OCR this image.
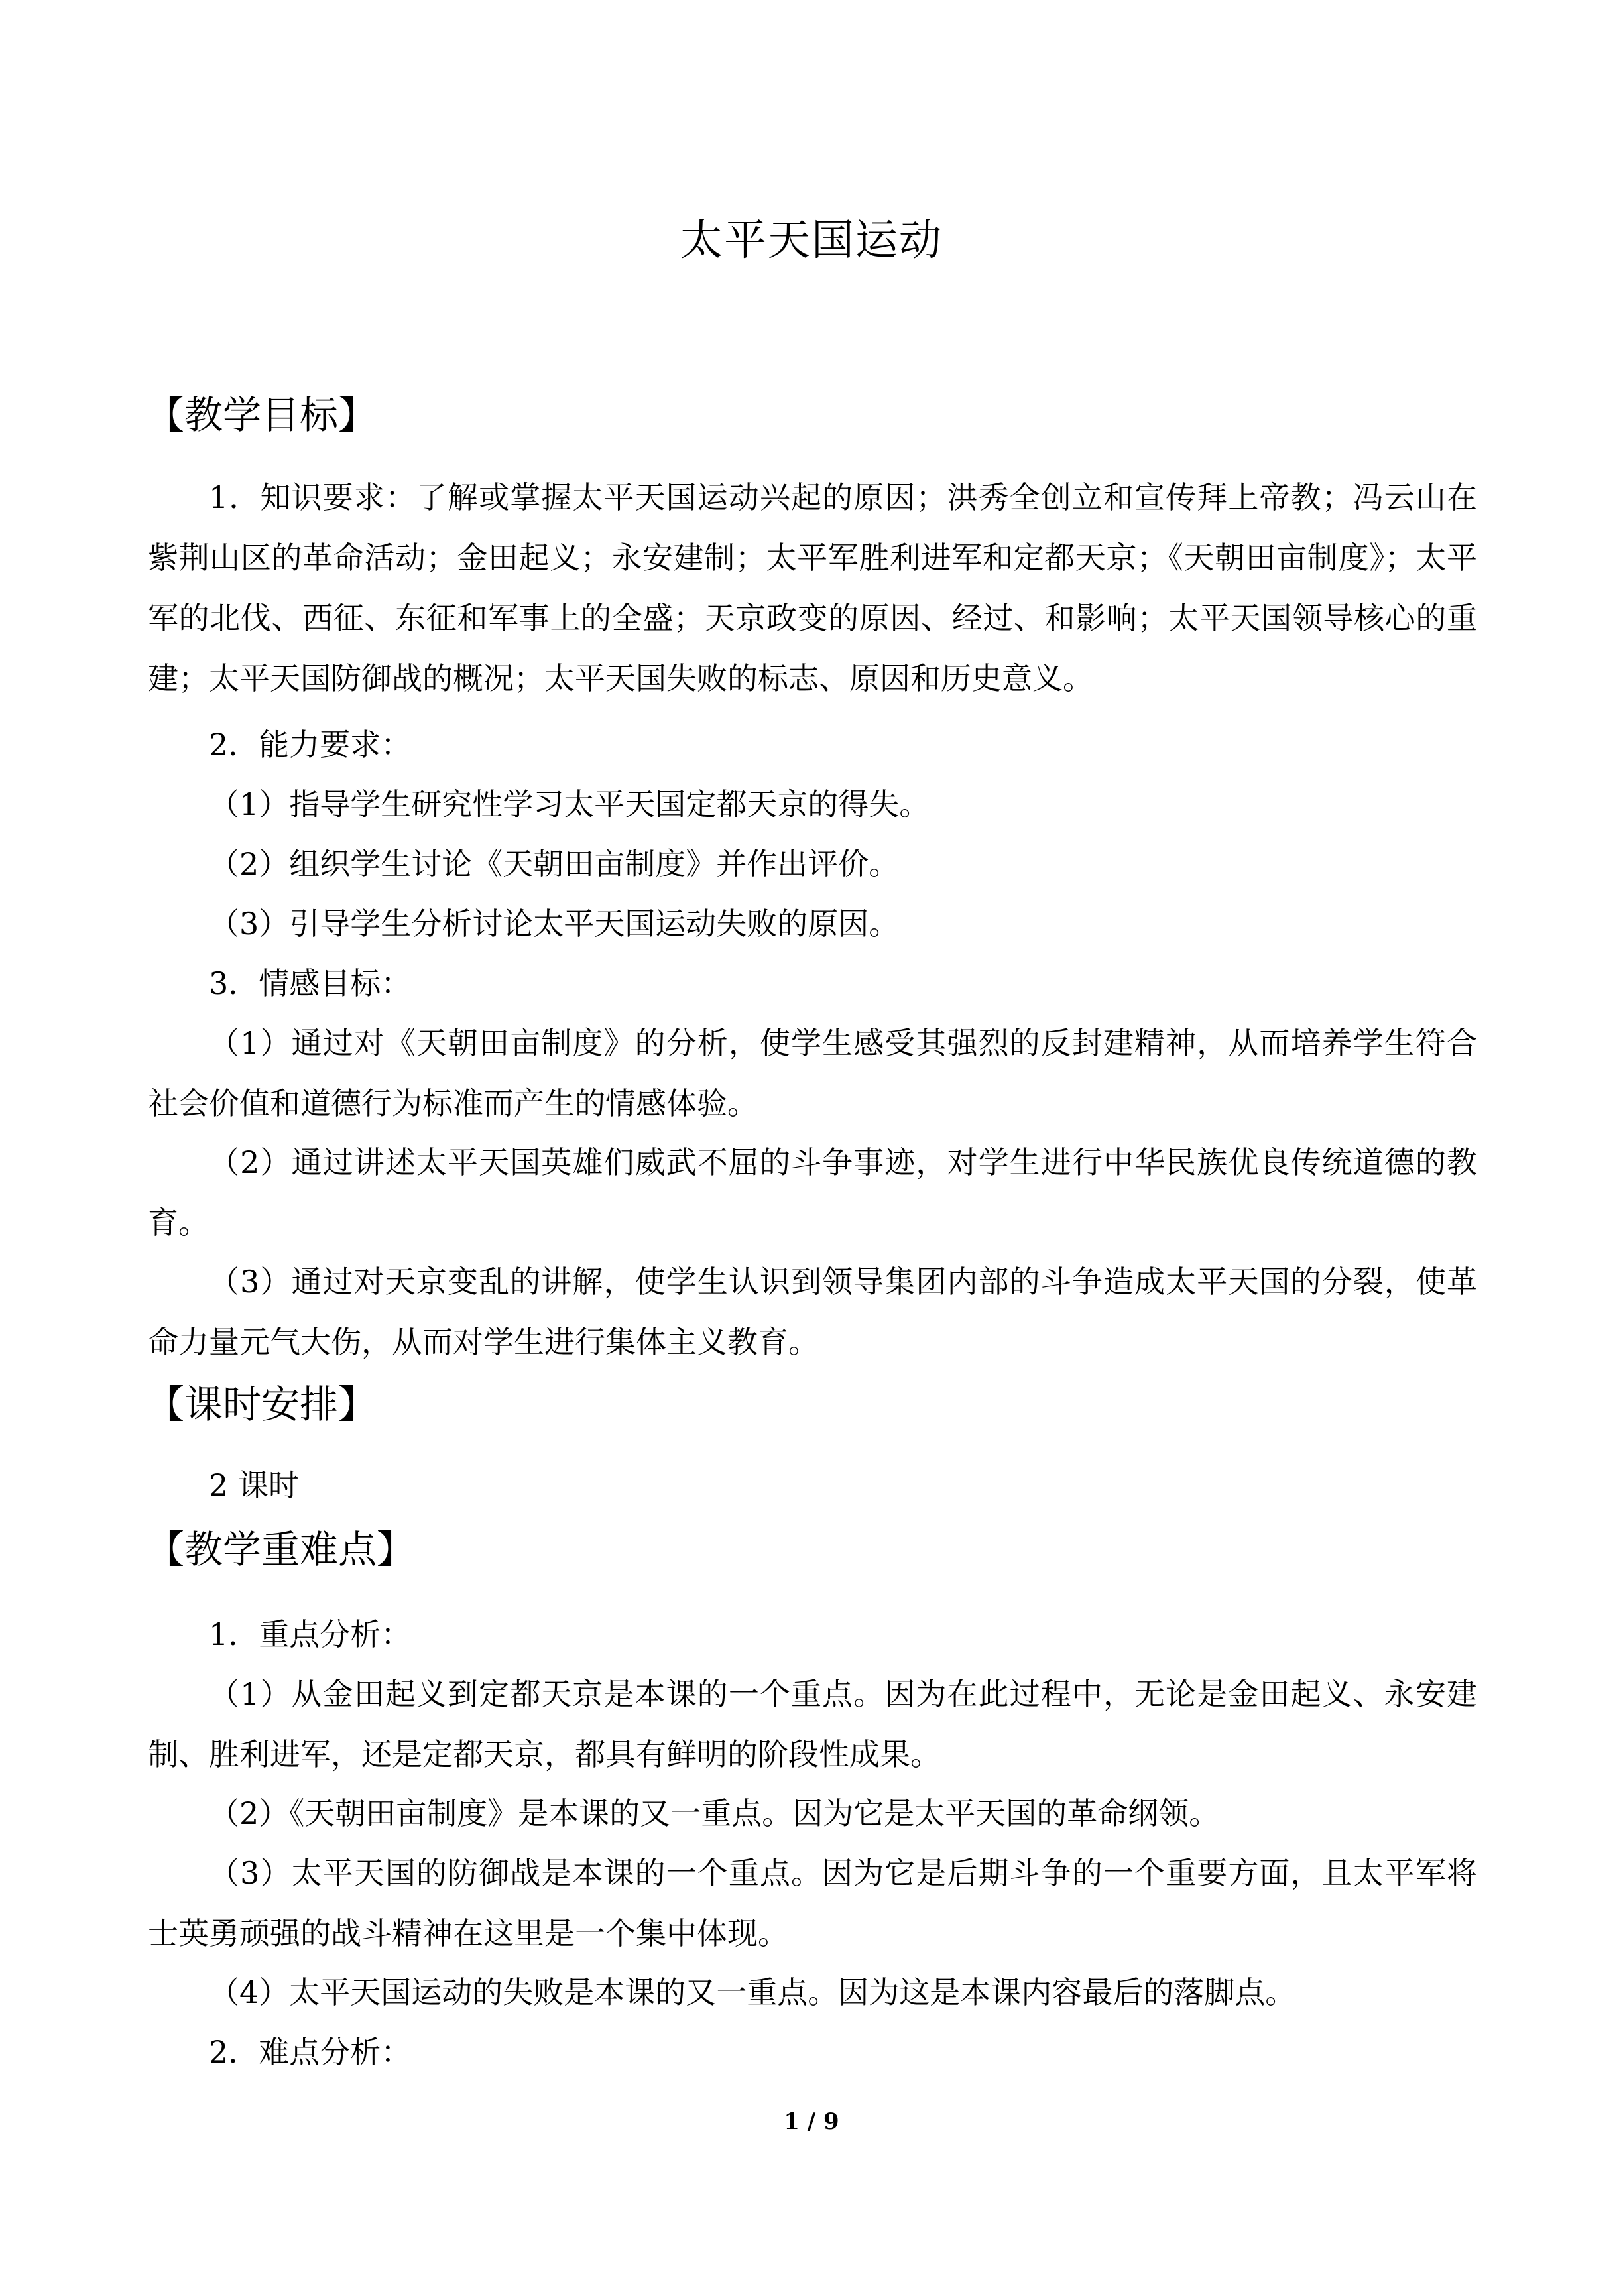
太平天国运动
【教学目标】

1．知识要求：了解或掌握太平天国运动兴起的原因；洪秀全创立和宣传拜上帝教；冯云山在紫荆山区的革命活动；金田起义；永安建制；太平军胜利进军和定都天京；《天朝田亩制度》；太平军的北伐、西征、东征和军事上的全盛；天京政变的原因、经过、和影响；太平天国领导核心的重建；太平天国防御战的概况；太平天国失败的标志、原因和历史意义。

2．能力要求：
（1）指导学生研究性学习太平天国定都天京的得失。
（2）组织学生讨论《天朝田亩制度》并作出评价。
（3）引导学生分析讨论太平天国运动失败的原因。
3．情感目标：

（1）通过对《天朝田亩制度》的分析，使学生感受其强烈的反封建精神，从而培养学生符合社会价值和道德行为标准而产生的情感体验。

（2）通过讲述太平天国英雄们威武不屈的斗争事迹，对学生进行中华民族优良传统道德的教育。

（3）通过对天京变乱的讲解，使学生认识到领导集团内部的斗争造成太平天国的分裂，使革命力量元气大伤，从而对学生进行集体主义教育。

【课时安排】
2 课时
【教学重难点】
1．重点分析：

（1）从金田起义到定都天京是本课的一个重点。因为在此过程中，无论是金田起义、永安建制、胜利进军，还是定都天京，都具有鲜明的阶段性成果。

（2）《天朝田亩制度》是本课的又一重点。因为它是太平天国的革命纲领。

（3）太平天国的防御战是本课的一个重点。因为它是后期斗争的一个重要方面，且太平军将士英勇顽强的战斗精神在这里是一个集中体现。

（4）太平天国运动的失败是本课的又一重点。因为这是本课内容最后的落脚点。
2．难点分析：
1 / 9
